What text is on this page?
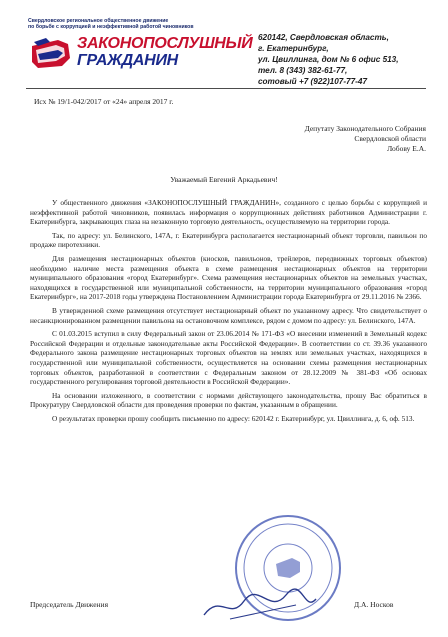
Свердловское региональное общественное движение
по борьбе с коррупцией и неэффективной работой чиновников
ЗАКОНОПОСЛУШНЫЙ
ГРАЖДАНИН
620142, Свердловская область,
г. Екатеринбург,
ул. Цвиллинга, дом № 6 офис 513,
тел. 8 (343) 382-61-77,
сотовый +7 (922)107-77-47
Исх № 19/1-042/2017 от «24» апреля 2017 г.
Депутату Законодательного Собрания
Свердловской области
Лобову Е.А.
Уважаемый Евгений Аркадьевич!

У общественного движения «ЗАКОНОПОСЛУШНЫЙ ГРАЖДАНИН», созданного с целью борьбы с коррупцией и неэффективной работой чиновников, появилась информация о коррупционных действиях работников Администрации г. Екатеринбурга, закрывающих глаза на незаконную торговую деятельность, осуществляемую на территории города.

Так, по адресу: ул. Белинского, 147А, г. Екатеринбурга располагается нестационарный объект торговли, павильон по продаже пиротехники.

Для размещения нестационарных объектов (киосков, павильонов, трейлеров, передвижных торговых объектов) необходимо наличие места размещения объекта в схеме размещения нестационарных объектов на территории муниципального образования «город Екатеринбург». Схема размещения нестационарных объектов на земельных участках, находящихся в государственной или муниципальной собственности, на территории муниципального образования «город Екатеринбург», на 2017-2018 годы утверждена Постановлением Администрации города Екатеринбурга от 29.11.2016 № 2366.

В утвержденной схеме размещения отсутствует нестационарный объект по указанному адресу. Что свидетельствует о несанкционированном размещении павильона на остановочном комплексе, рядом с домом по адресу: ул. Белинского, 147А.

С 01.03.2015 вступил в силу Федеральный закон от 23.06.2014 № 171-ФЗ «О внесении изменений в Земельный кодекс Российской Федерации и отдельные законодательные акты Российской Федерации». В соответствии со ст. 39.36 указанного Федерального закона размещение нестационарных торговых объектов на землях или земельных участках, находящихся в государственной или муниципальной собственности, осуществляется на основании схемы размещения нестационарных торговых объектов, разработанной в соответствии с Федеральным законом от 28.12.2009 № 381-ФЗ «Об основах государственного регулирования торговой деятельности в Российской Федерации».

На основании изложенного, в соответствии с нормами действующего законодательства, прошу Вас обратиться в Прокуратуру Свердловской области для проведения проверки по фактам, указанным в обращении.

О результатах проверки прошу сообщить письменно по адресу: 620142 г. Екатеринбург, ул. Цвиллинга, д. 6, оф. 513.

Председатель Движения	Д.А. Носков
